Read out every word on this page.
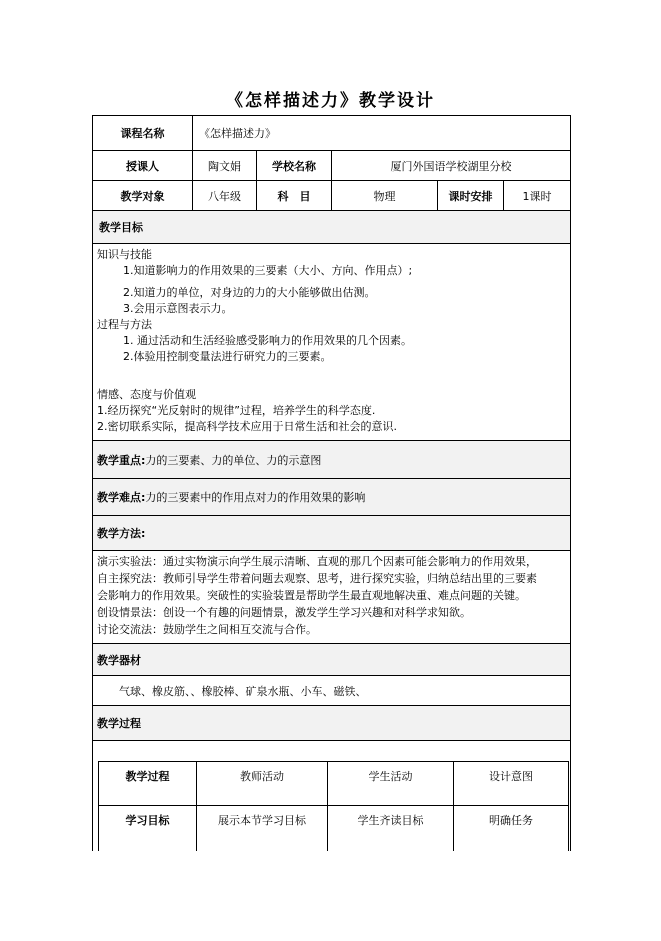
《怎样描述力》教学设计
课程名称	《怎样描述力》
授课人	陶文娟	学校名称	厦门外国语学校湖里分校
教学对象	八年级	科　目	物理	课时安排	1课时
教学目标
知识与技能
1.知道影响力的作用效果的三要素（大小、方向、作用点）;
2.知道力的单位，对身边的力的大小能够做出估测。
3.会用示意图表示力。
过程与方法
1. 通过活动和生活经验感受影响力的作用效果的几个因素。
2.体验用控制变量法进行研究力的三要素。
情感、态度与价值观
1.经历探究“光反射时的规律”过程，培养学生的科学态度.
2.密切联系实际，提高科学技术应用于日常生活和社会的意识.
教学重点: 力的三要素、力的单位、力的示意图
教学难点: 力的三要素中的作用点对力的作用效果的影响
教学方法:
演示实验法：通过实物演示向学生展示清晰、直观的那几个因素可能会影响力的作用效果，
自主探究法：教师引导学生带着问题去观察、思考，进行探究实验，归纳总结出里的三要素
会影响力的作用效果。突破性的实验装置是帮助学生最直观地解决重、难点问题的关键。
创设情景法：创设一个有趣的问题情景，激发学生学习兴趣和对科学求知欲。
讨论交流法：鼓励学生之间相互交流与合作。
教学器材
气球、橡皮筋、、橡胶棒、矿泉水瓶、小车、磁铁、
教学过程
教学过程	教师活动	学生活动	设计意图
学习目标	展示本节学习目标	学生齐读目标	明确任务
